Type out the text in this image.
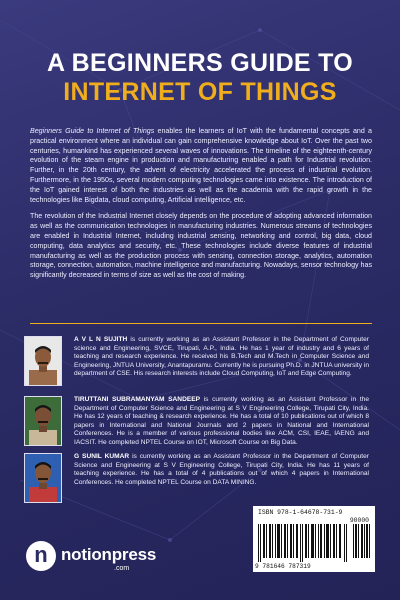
A BEGINNERS GUIDE TO
INTERNET OF THINGS

Beginners Guide to Internet of Things enables the learners of IoT with the fundamental concepts and a practical environment where an individual can gain comprehensive knowledge about IoT. Over the past two centuries, humankind has experienced several waves of innovations. The timeline of the eighteenth-century evolution of the steam engine in production and manufacturing enabled a path for Industrial revolution. Further, in the 20th century, the advent of electricity accelerated the process of industrial evolution. Furthermore, in the 1950s, several modern computing technologies came into existence. The introduction of the IoT gained interest of both the industries as well as the academia with the rapid growth in the technologies like Bigdata, cloud computing, Artificial intelligence, etc.

The revolution of the Industrial Internet closely depends on the procedure of adopting advanced information as well as the communication technologies in manufacturing industries. Numerous streams of technologies are enabled in Industrial Internet, including industrial sensing, networking and control, big data, cloud computing, data analytics and security, etc. These technologies include diverse features of industrial manufacturing as well as the production process with sensing, connection storage, analytics, automation storage, connection, automation, machine intelligence and manufacturing. Nowadays, sensor technology has significantly decreased in terms of size as well as the cost of making.

A V L N SUJITH is currently working as an Assistant Professor in the Department of Computer science and Engineering, SVCE, Tirupati, A.P., India. He has 1 year of industry and 6 years of teaching and research experience. He received his B.Tech and M.Tech in Computer Science and Engineering, JNTUA University, Anantapuramu. Currently he is pursuing Ph.D. in JNTUA university in department of CSE. His research interests include Cloud Computing, IoT and Edge Computing.
TIRUTTANI SUBRAMANYAM SANDEEP is currently working as an Assistant Professor in the Department of Computer Science and Engineering at S V Engineering College, Tirupati City, India. He has 12 years of teaching & research experience. He has a total of 10 publications out of which 8 papers in International and National Journals and 2 papers in National and International Conferences. He is a member of various professional bodies like ACM, CSI, IEAE, IAENG and IACSIT. He completed NPTEL Course on IOT, Microsoft Course on Big Data.
G SUNIL KUMAR is currently working as an Assistant Professor in the Department of Computer Science and Engineering at S V Engineering College, Tirupati City, India. He has 11 years of teaching experience. He has a total of 4 publications out of which 4 papers in International Conferences. He completed NPTEL Course on DATA MINING.
ISBN 978-1-64678-731-9
90000
9 781646 787319
n notionpress
.com
